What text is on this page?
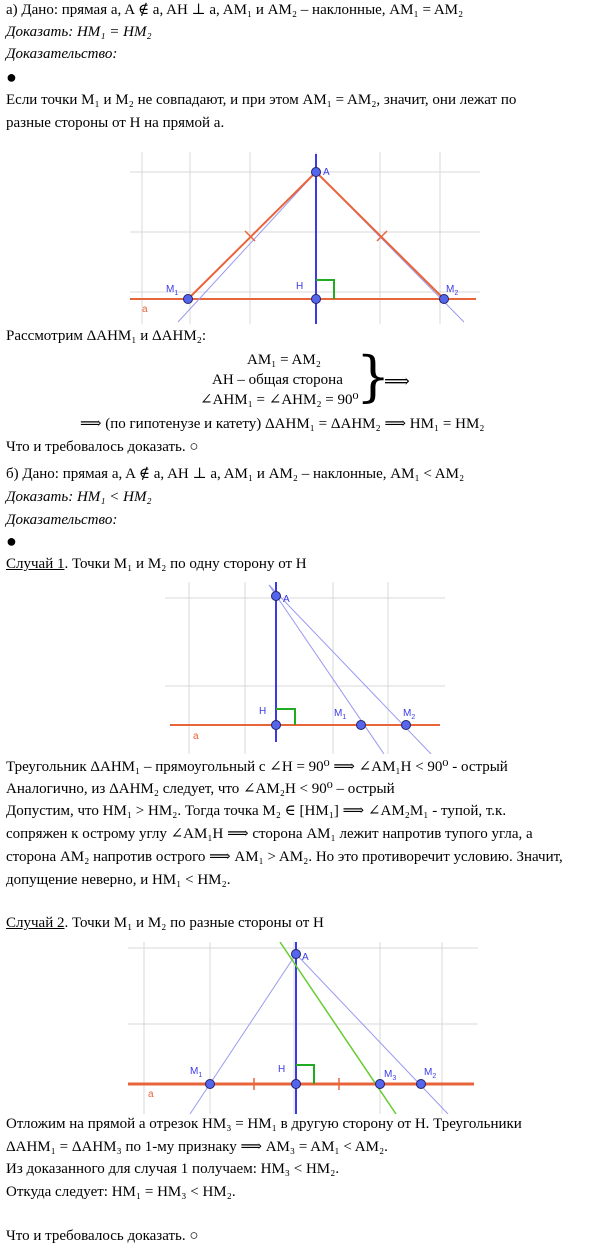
а) Дано: прямая a, A ∉ a, AH ⊥ a, AM₁ и AM₂ – наклонные, AM₁ = AM₂
Доказать: HM₁ = HM₂
Доказательство:
●
Если точки M₁ и M₂ не совпадают, и при этом AM₁ = AM₂, значит, они лежат по
разные стороны от H на прямой a.
A
H
$M_1$	$M_2$
a
Рассмотрим ΔAHM₁ и ΔAHM₂:
AM₁ = AM₂
AH – общая сторона
∠AHM₁ = ∠AHM₂ = 90⁰
}
⟹
⟹ (по гипотенузе и катету) ΔAHM₁ = ΔAHM₂ ⟹ HM₁ = HM₂
Что и требовалось доказать. ○
б) Дано: прямая a, A ∉ a, AH ⊥ a, AM₁ и AM₂ – наклонные, AM₁ < AM₂
Доказать: HM₁ < HM₂
Доказательство:
●
Случай 1. Точки M₁ и M₂ по одну сторону от H
A
H	$M_1$	$M_2$
a
Треугольник ΔAHM₁ – прямоугольный с ∠H = 90⁰ ⟹ ∠AM₁H < 90⁰ - острый
Аналогично, из ΔAHM₂ следует, что ∠AM₂H < 90⁰ – острый
Допустим, что HM₁ > HM₂. Тогда точка M₂ ∈ [HM₁] ⟹ ∠AM₂M₁ - тупой, т.к.
сопряжен к острому углу ∠AM₁H ⟹ сторона AM₁ лежит напротив тупого угла, а
сторона AM₂ напротив острого ⟹ AM₁ > AM₂. Но это противоречит условию. Значит,
допущение неверно, и HM₁ < HM₂.
Случай 2. Точки M₁ и M₂ по разные стороны от H
A
H
$M_1$	$M_3$
$M_2$
a
Отложим на прямой a отрезок HM₃ = HM₁ в другую сторону от H. Треугольники
ΔAHM₁ = ΔAHM₃ по 1-му признаку ⟹ AM₃ = AM₁ < AM₂.
Из доказанного для случая 1 получаем: HM₃ < HM₂.
Откуда следует: HM₁ = HM₃ < HM₂.
Что и требовалось доказать. ○
